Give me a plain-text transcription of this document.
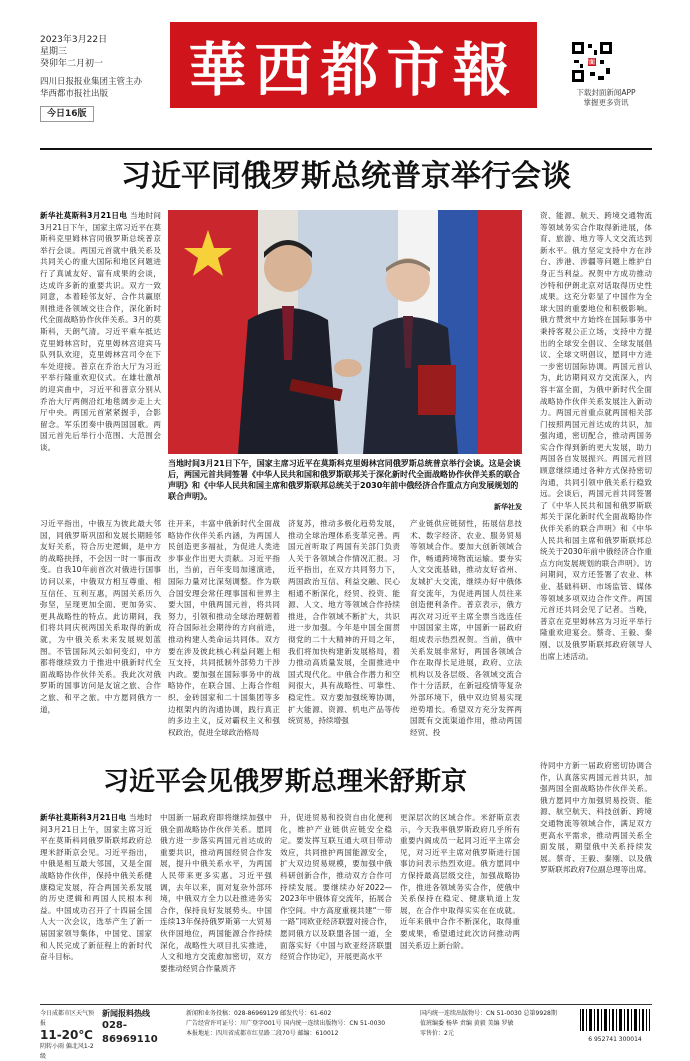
2023年3月22日
星期三
癸卯年二月初一
四川日报报业集团主管主办
华西都市报社出版
今日16版
華西都市報	封面
下载封面新闻APP
掌握更多资讯
习近平同俄罗斯总统普京举行会谈
新华社莫斯科3月21日电 当地时间3月21日下午，国家主席习近平在莫斯科克里姆林宫同俄罗斯总统普京举行会谈。两国元首就中俄关系及共同关心的重大国际和地区问题进行了真诚友好、富有成果的会谈，达成许多新的重要共识。双方一致同意，本着睦邻友好、合作共赢原则推进各领域交往合作，深化新时代全面战略协作伙伴关系。3月的莫斯科，天朗气清。习近平乘车抵达克里姆林宫时，克里姆林宫迎宾马队列队欢迎，克里姆林宫司令在下车处迎接。普京在乔治大厅为习近平举行隆重欢迎仪式。在雄壮激昂的迎宾曲中，习近平和普京分别从乔治大厅两侧沿红地毯阔步走上大厅中央。两国元首紧紧握手，合影留念。军乐团奏中俄两国国歌。两国元首先后举行小范围、大范围会谈。
习近平指出，中俄互为彼此最大邻国，同俄罗斯巩固和发展长期睦邻友好关系，符合历史逻辑，是中方的战略抉择，不会因一时一事而改变。自我10年前首次对俄进行国事访问以来，中俄双方相互尊重、相互信任、互利互惠，两国关系历久弥坚，呈现更加全面、更加务实、更具战略性的特点。此访期间，我们将共同庆祝两国关系取得的新成就，为中俄关系未来发展规划蓝图。不管国际风云如何变幻，中方都将继续致力于推进中俄新时代全面战略协作伙伴关系。我此次对俄罗斯的国事访问是友谊之旅、合作之旅、和平之旅。中方愿同俄方一道，
当地时间3月21日下午，国家主席习近平在莫斯科克里姆林宫同俄罗斯总统普京举行会谈。这是会谈后，两国元首共同签署《中华人民共和国和俄罗斯联邦关于深化新时代全面战略协作伙伴关系的联合声明》和《中华人民共和国主席和俄罗斯联邦总统关于2030年前中俄经济合作重点方向发展规划的联合声明》。
新华社发
往开来，丰富中俄新时代全面战略协作伙伴关系内涵，为两国人民创造更多福祉，为促进人类进步事业作出更大贡献。习近平指出，当前，百年变局加速演进，国际力量对比深刻调整。作为联合国安理会常任理事国和世界主要大国，中俄两国元首，将共同努力，引领和推动全球治理朝着符合国际社会期待的方向前进，推动构建人类命运共同体。双方要在涉及彼此核心利益问题上相互支持，共同抵制外部势力干涉内政。要加强在国际事务中的战略协作，在联合国、上海合作组织、金砖国家和二十国集团等多边框架内的沟通协调，践行真正的多边主义，反对霸权主义和强权政治，促进全球政治格局
济复苏，推动多极化趋势发展，推动全球治理体系变革完善。两国元首听取了两国有关部门负责人关于各领域合作情况汇报。习近平指出，在双方共同努力下，两国政治互信、利益交融、民心相通不断深化，经贸、投资、能源、人文、地方等领域合作持续推进，合作领域不断扩大，共识进一步加强。今年是中国全面贯彻党的二十大精神的开局之年，我们将加快构建新发展格局，着力推动高质量发展，全面推进中国式现代化。中俄合作潜力和空间很大，具有战略性、可靠性、稳定性。双方要加强统筹协调，扩大能源、资源、机电产品等传统贸易，持续增强
产业链供应链韧性，拓展信息技术、数字经济、农业、服务贸易等领域合作。要加大创新领域合作，畅通跨境物流运输。要夯实人文交流基础，推动友好省州、友城扩大交流，继续办好中俄体育交流年，为促进两国人员往来创造便利条件。普京表示，俄方再次对习近平主席全票当选连任中国国家主席，中国新一届政府组成表示热烈祝贺。当前，俄中关系发展非常好，两国各领域合作在取得长足进展，政府、立法机构以及各层级、各领域交流合作十分活跃，在新冠疫情等复杂外部环境下，俄中双边贸易实现逆势增长。希望双方充分发挥两国既有交流渠道作用，推动两国经贸、投
资、能源、航天、跨境交通物流等领域务实合作取得新进展，体育、旅游、地方等人文交流达到新水平。俄方坚定支持中方在涉台、涉港、涉疆等问题上维护自身正当利益。祝贺中方成功推动沙特和伊朗北京对话取得历史性成果。这充分彰显了中国作为全球大国的重要地位和积极影响。俄方赞赏中方始终在国际事务中秉持客观公正立场，支持中方提出的全球安全倡议、全球发展倡议、全球文明倡议，愿同中方进一步密切国际协调。两国元首认为，此访期间双方交流深入，内容丰富全面，为俄中新时代全面战略协作伙伴关系发展注入新动力。两国元首重点就两国相关部门按照两国元首达成的共识，加强沟通，密切配合，推动两国务实合作得到新的更大发展，助力两国各自发展振兴。两国元首回顾意继续通过各种方式保持密切沟通，共同引领中俄关系行稳致远。会谈后，两国元首共同签署了《中华人民共和国和俄罗斯联邦关于深化新时代全面战略协作伙伴关系的联合声明》和《中华人民共和国主席和俄罗斯联邦总统关于2030年前中俄经济合作重点方向发展规划的联合声明》。访问期间，双方还签署了农业、林业、基础科研、市场监管、媒体等领域多项双边合作文件。两国元首还共同会见了记者。当晚，普京在克里姆林宫为习近平举行隆重欢迎宴会。蔡奇、王毅、秦刚、以及俄罗斯联邦政府领导人出席上述活动。
习近平会见俄罗斯总理米舒斯京
新华社莫斯科3月21日电 当地时间3月21日上午，国家主席习近平在莫斯科同俄罗斯联邦政府总理米舒斯京会见。习近平指出，中俄是相互最大邻国，又是全面战略协作伙伴，保持中俄关系健康稳定发展，符合两国关系发展的历史逻辑和两国人民根本利益。中国成功召开了十四届全国人大一次会议，选举产生了新一届国家领导集体，中国党、国家和人民完成了新征程上的新时代奋斗目标。
中国新一届政府即将继续加强中俄全面战略协作伙伴关系。愿同俄方进一步落实两国元首达成的重要共识，推动两国经贸合作发展，提升中俄关系水平，为两国人民带来更多实惠。习近平强调，去年以来，面对复杂外部环境，中俄双方全力以赴推进务实合作，保持良好发展势头。中国连续13年保持俄罗斯第一大贸易伙伴国地位，两国能源合作持续深化，战略性大项目扎实推进，人文和地方交流愈加密切，双方要推动经贸合作量质齐
升，促进贸易和投资自由化便利化，维护产业链供应链安全稳定。要发挥互联互通大项目带动效应，共同推护两国能源安全，扩大双边贸易规模，要加强中俄科研创新合作，推动双方合作可持续发展。要继续办好2022—2023年中俄体育交流年，拓展合作空间。中方高度重视共建“一带一路”同欧亚经济联盟对接合作，愿同俄方以及联盟各国一道，全面落实好《中国与欧亚经济联盟经贸合作协定》，开展更高水平
更深层次的区域合作。米舒斯京表示，今天我率俄罗斯政府几乎所有重要内阁成员一起同习近平主席会见，对习近平主席对俄罗斯进行国事访问表示热烈欢迎。俄方愿同中方保持最高层级交往，加强战略协作，推进各领域务实合作，使俄中关系保持在稳定、健康轨道上发展，在合作中取得实实在在成就。近年来俄中合作不断深化，取得重要成果，希望通过此次访问推动两国关系迈上新台阶。
待同中方新一届政府密切协调合作，认真落实两国元首共识，加强两国全面战略协作伙伴关系。俄方愿同中方加强贸易投资、能源、航空航天、科技创新、跨境交通物流等领域合作，满足双方更高水平需求，推动两国关系全面发展，期望俄中关系持续发展。蔡奇、王毅、秦刚、以及俄罗斯联邦政府7位副总理等出席。
今日成都市区天气预报
11-20℃
阴转小雨 偏北风1-2级
新闻报料热线
028-86969110
新闻和业务投稿：028-86969129 邮发代号：61-602
广告经营许可证号：川广登字001号 国内统一连续出版物号：CN 51-0030
本报地址：四川省成都市红星路二段70号 邮编：610012
国内统一连续出版物号：CN 51-0030 总第9928期
值班编委 杨华 责编 黄毅 美编 罗敏
零售价：2元
6 952741 300014
